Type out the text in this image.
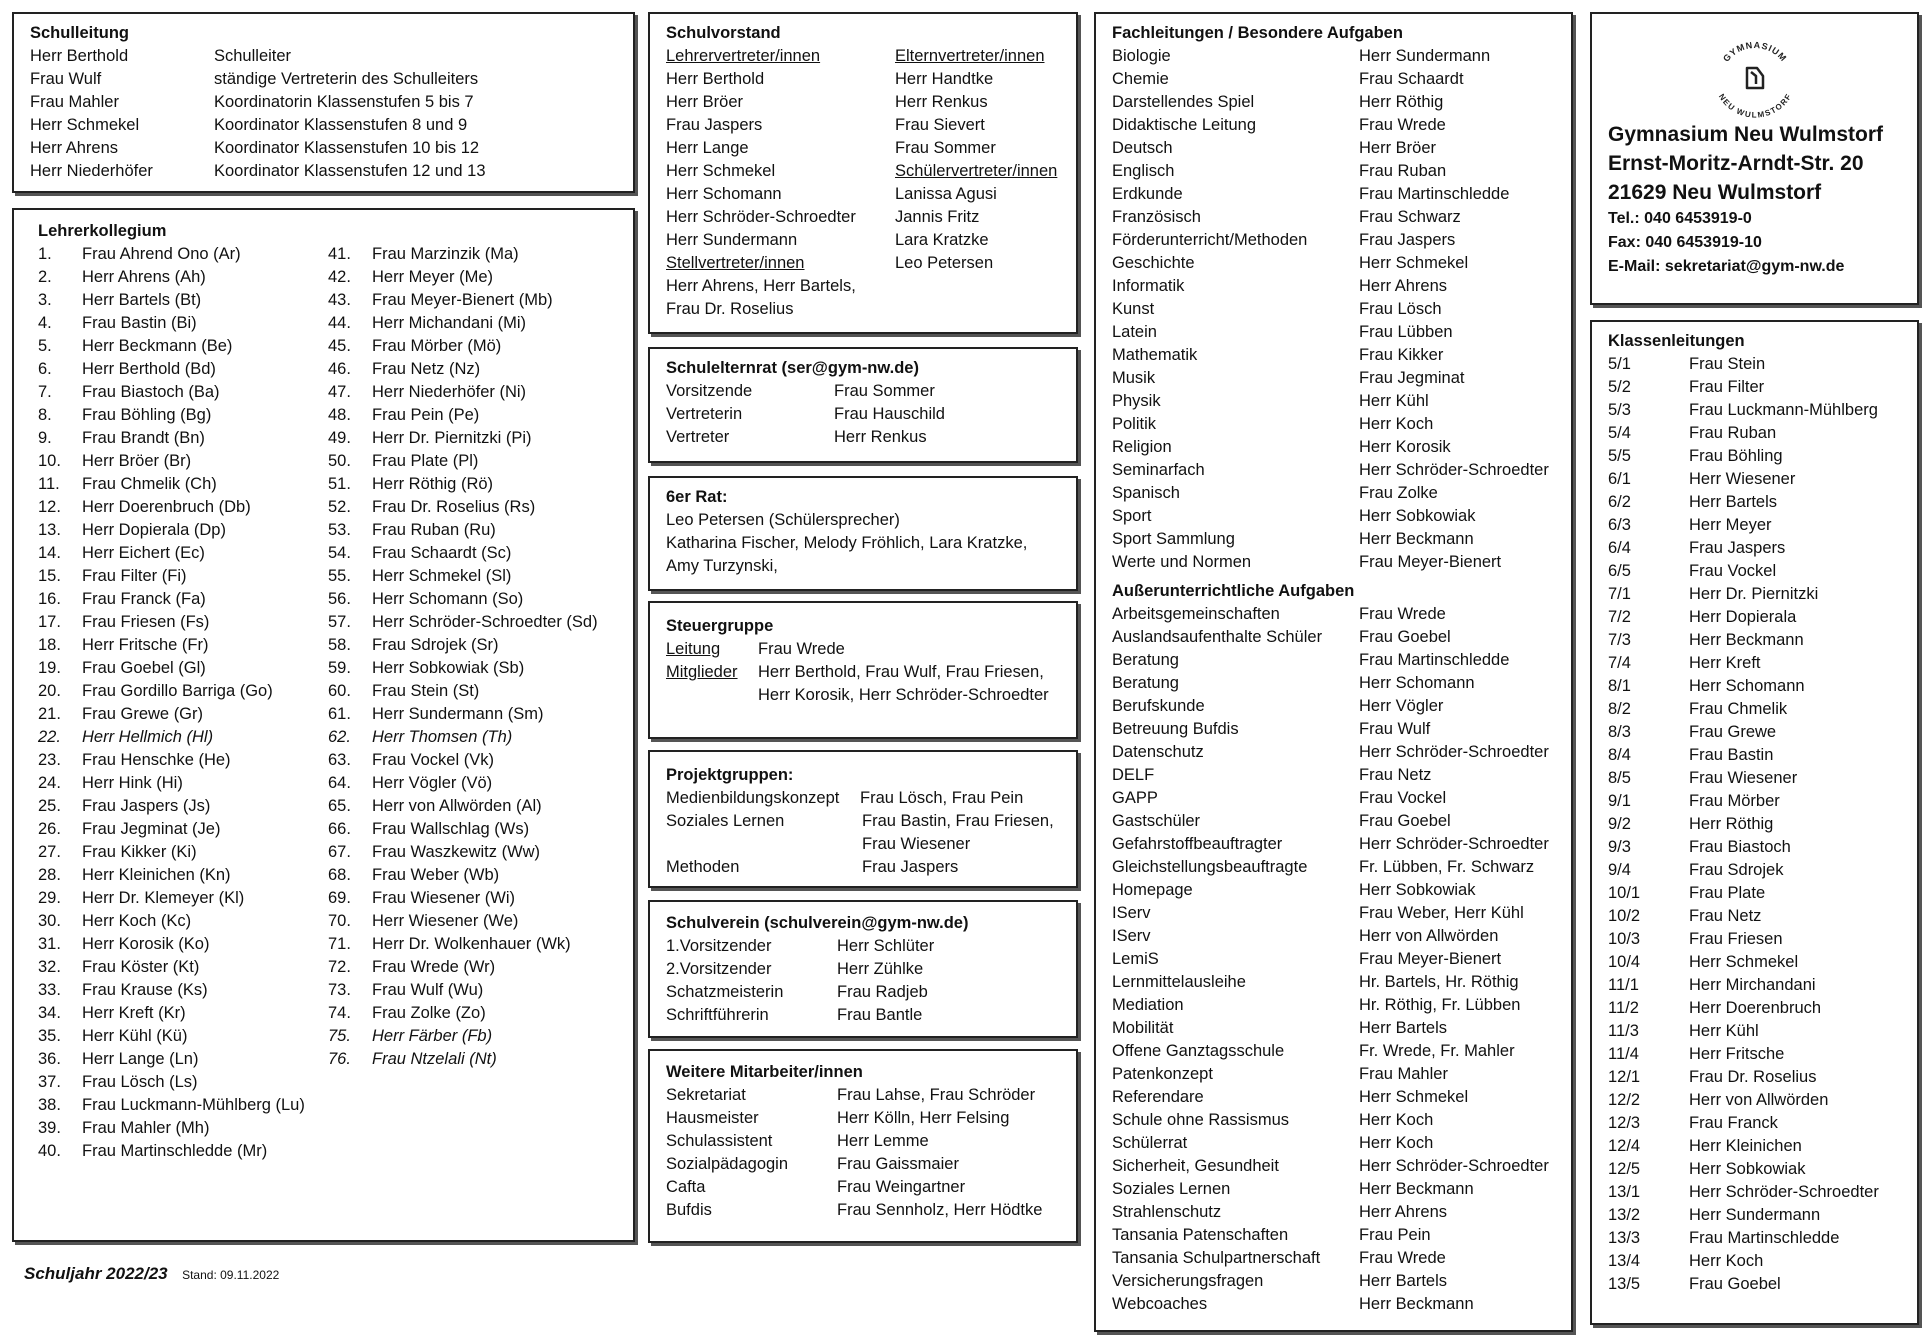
Schulleitung
Herr Berthold	Schulleiter
Frau Wulf	ständige Vertreterin des Schulleiters
Frau Mahler	Koordinatorin Klassenstufen 5 bis 7
Herr Schmekel	Koordinator Klassenstufen 8 und 9
Herr Ahrens	Koordinator Klassenstufen 10 bis 12
Herr Niederhöfer	Koordinator Klassenstufen 12 und 13
Lehrerkollegium
1.	Frau Ahrend Ono (Ar)
2.	Herr Ahrens (Ah)
3.	Herr Bartels (Bt)
4.	Frau Bastin (Bi)
5.	Herr Beckmann (Be)
6.	Herr Berthold (Bd)
7.	Frau Biastoch (Ba)
8.	Frau Böhling (Bg)
9.	Frau Brandt (Bn)
10.	Herr Bröer (Br)
11.	Frau Chmelik (Ch)
12.	Herr Doerenbruch (Db)
13.	Herr Dopierala (Dp)
14.	Herr Eichert (Ec)
15.	Frau Filter (Fi)
16.	Frau Franck (Fa)
17.	Frau Friesen (Fs)
18.	Herr Fritsche (Fr)
19.	Frau Goebel (Gl)
20.	Frau Gordillo Barriga (Go)
21.	Frau Grewe (Gr)
22.	Herr Hellmich (Hl)
23.	Frau Henschke (He)
24.	Herr Hink (Hi)
25.	Frau Jaspers (Js)
26.	Frau Jegminat (Je)
27.	Frau Kikker (Ki)
28.	Herr Kleinichen (Kn)
29.	Herr Dr. Klemeyer (Kl)
30.	Herr Koch (Kc)
31.	Herr Korosik (Ko)
32.	Frau Köster (Kt)
33.	Frau Krause (Ks)
34.	Herr Kreft (Kr)
35.	Herr Kühl (Kü)
36.	Herr Lange (Ln)
37.	Frau Lösch (Ls)
38.	Frau Luckmann-Mühlberg (Lu)
39.	Frau Mahler (Mh)
40.	Frau Martinschledde (Mr)
41.	Frau Marzinzik (Ma)
42.	Herr Meyer (Me)
43.	Frau Meyer-Bienert (Mb)
44.	Herr Michandani (Mi)
45.	Frau Mörber (Mö)
46.	Frau Netz (Nz)
47.	Herr Niederhöfer (Ni)
48.	Frau Pein (Pe)
49.	Herr Dr. Piernitzki (Pi)
50.	Frau Plate (Pl)
51.	Herr Röthig (Rö)
52.	Frau Dr. Roselius (Rs)
53.	Frau Ruban (Ru)
54.	Frau Schaardt (Sc)
55.	Herr Schmekel (Sl)
56.	Herr Schomann (So)
57.	Herr Schröder-Schroedter (Sd)
58.	Frau Sdrojek (Sr)
59.	Herr Sobkowiak (Sb)
60.	Frau Stein (St)
61.	Herr Sundermann (Sm)
62.	Herr Thomsen (Th)
63.	Frau Vockel (Vk)
64.	Herr Vögler (Vö)
65.	Herr von Allwörden (Al)
66.	Frau Wallschlag (Ws)
67.	Frau Waszkewitz (Ww)
68.	Frau Weber (Wb)
69.	Frau Wiesener (Wi)
70.	Herr Wiesener (We)
71.	Herr Dr. Wolkenhauer (Wk)
72.	Frau Wrede (Wr)
73.	Frau Wulf (Wu)
74.	Frau Zolke (Zo)
75.	Herr Färber (Fb)
76.	Frau Ntzelali (Nt)
Schuljahr 2022/23 Stand: 09.11.2022
Schulvorstand
Lehrervertreter/innen
Herr Berthold
Herr Bröer
Frau Jaspers
Herr Lange
Herr Schmekel
Herr Schomann
Herr Schröder-Schroedter
Herr Sundermann
Stellvertreter/innen
Herr Ahrens, Herr Bartels,
Frau Dr. Roselius
Elternvertreter/innen
Herr Handtke
Herr Renkus
Frau Sievert
Frau Sommer
Schülervertreter/innen
Lanissa Agusi
Jannis Fritz
Lara Kratzke
Leo Petersen
Schulelternrat (ser@gym-nw.de)
Vorsitzende	Frau Sommer
Vertreterin	Frau Hauschild
Vertreter	Herr Renkus
6er Rat:
Leo Petersen (Schülersprecher)
Katharina Fischer, Melody Fröhlich, Lara Kratzke,
Amy Turzynski,
Steuergruppe
Leitung	Frau Wrede
Mitglieder	Herr Berthold, Frau Wulf, Frau Friesen,
Herr Korosik, Herr Schröder-Schroedter
Projektgruppen:
Medienbildungskonzept	Frau Lösch, Frau Pein
Soziales Lernen	Frau Bastin, Frau Friesen,
Frau Wiesener
Methoden	Frau Jaspers
Schulverein (schulverein@gym-nw.de)
1.Vorsitzender	Herr Schlüter
2.Vorsitzender	Herr Zühlke
Schatzmeisterin	Frau Radjeb
Schriftführerin	Frau Bantle
Weitere Mitarbeiter/innen
Sekretariat	Frau Lahse, Frau Schröder
Hausmeister	Herr Kölln, Herr Felsing
Schulassistent	Herr Lemme
Sozialpädagogin	Frau Gaissmaier
Cafta	Frau Weingartner
Bufdis	Frau Sennholz, Herr Hödtke
Fachleitungen / Besondere Aufgaben
Biologie	Herr Sundermann
Chemie	Frau Schaardt
Darstellendes Spiel	Herr Röthig
Didaktische Leitung	Frau Wrede
Deutsch	Herr Bröer
Englisch	Frau Ruban
Erdkunde	Frau Martinschledde
Französisch	Frau Schwarz
Förderunterricht/Methoden	Frau Jaspers
Geschichte	Herr Schmekel
Informatik	Herr Ahrens
Kunst	Frau Lösch
Latein	Frau Lübben
Mathematik	Frau Kikker
Musik	Frau Jegminat
Physik	Herr Kühl
Politik	Herr Koch
Religion	Herr Korosik
Seminarfach	Herr Schröder-Schroedter
Spanisch	Frau Zolke
Sport	Herr Sobkowiak
Sport Sammlung	Herr Beckmann
Werte und Normen	Frau Meyer-Bienert
Außerunterrichtliche Aufgaben
Arbeitsgemeinschaften	Frau Wrede
Auslandsaufenthalte Schüler	Frau Goebel
Beratung	Frau Martinschledde
Beratung	Herr Schomann
Berufskunde	Herr Vögler
Betreuung Bufdis	Frau Wulf
Datenschutz	Herr Schröder-Schroedter
DELF	Frau Netz
GAPP	Frau Vockel
Gastschüler	Frau Goebel
Gefahrstoffbeauftragter	Herr Schröder-Schroedter
Gleichstellungsbeauftragte	Fr. Lübben, Fr. Schwarz
Homepage	Herr Sobkowiak
IServ	Frau Weber, Herr Kühl
IServ	Herr von Allwörden
LemiS	Frau Meyer-Bienert
Lernmittelausleihe	Hr. Bartels, Hr. Röthig
Mediation	Hr. Röthig, Fr. Lübben
Mobilität	Herr Bartels
Offene Ganztagsschule	Fr. Wrede, Fr. Mahler
Patenkonzept	Frau Mahler
Referendare	Herr Schmekel
Schule ohne Rassismus	Herr Koch
Schülerrat	Herr Koch
Sicherheit, Gesundheit	Herr Schröder-Schroedter
Soziales Lernen	Herr Beckmann
Strahlenschutz	Herr Ahrens
Tansania Patenschaften	Frau Pein
Tansania Schulpartnerschaft	Frau Wrede
Versicherungsfragen	Herr Bartels
Webcoaches	Herr Beckmann
GYMNASIUM
NEU WULMSTORF
Gymnasium Neu Wulmstorf
Ernst-Moritz-Arndt-Str. 20
21629 Neu Wulmstorf
Tel.: 040 6453919-0
Fax: 040 6453919-10
E-Mail: sekretariat@gym-nw.de
Klassenleitungen
5/1	Frau Stein
5/2	Frau Filter
5/3	Frau Luckmann-Mühlberg
5/4	Frau Ruban
5/5	Frau Böhling
6/1	Herr Wiesener
6/2	Herr Bartels
6/3	Herr Meyer
6/4	Frau Jaspers
6/5	Frau Vockel
7/1	Herr Dr. Piernitzki
7/2	Herr Dopierala
7/3	Herr Beckmann
7/4	Herr Kreft
8/1	Herr Schomann
8/2	Frau Chmelik
8/3	Frau Grewe
8/4	Frau Bastin
8/5	Frau Wiesener
9/1	Frau Mörber
9/2	Herr Röthig
9/3	Frau Biastoch
9/4	Frau Sdrojek
10/1	Frau Plate
10/2	Frau Netz
10/3	Frau Friesen
10/4	Herr Schmekel
11/1	Herr Mirchandani
11/2	Herr Doerenbruch
11/3	Herr Kühl
11/4	Herr Fritsche
12/1	Frau Dr. Roselius
12/2	Herr von Allwörden
12/3	Frau Franck
12/4	Herr Kleinichen
12/5	Herr Sobkowiak
13/1	Herr Schröder-Schroedter
13/2	Herr Sundermann
13/3	Frau Martinschledde
13/4	Herr Koch
13/5	Frau Goebel
